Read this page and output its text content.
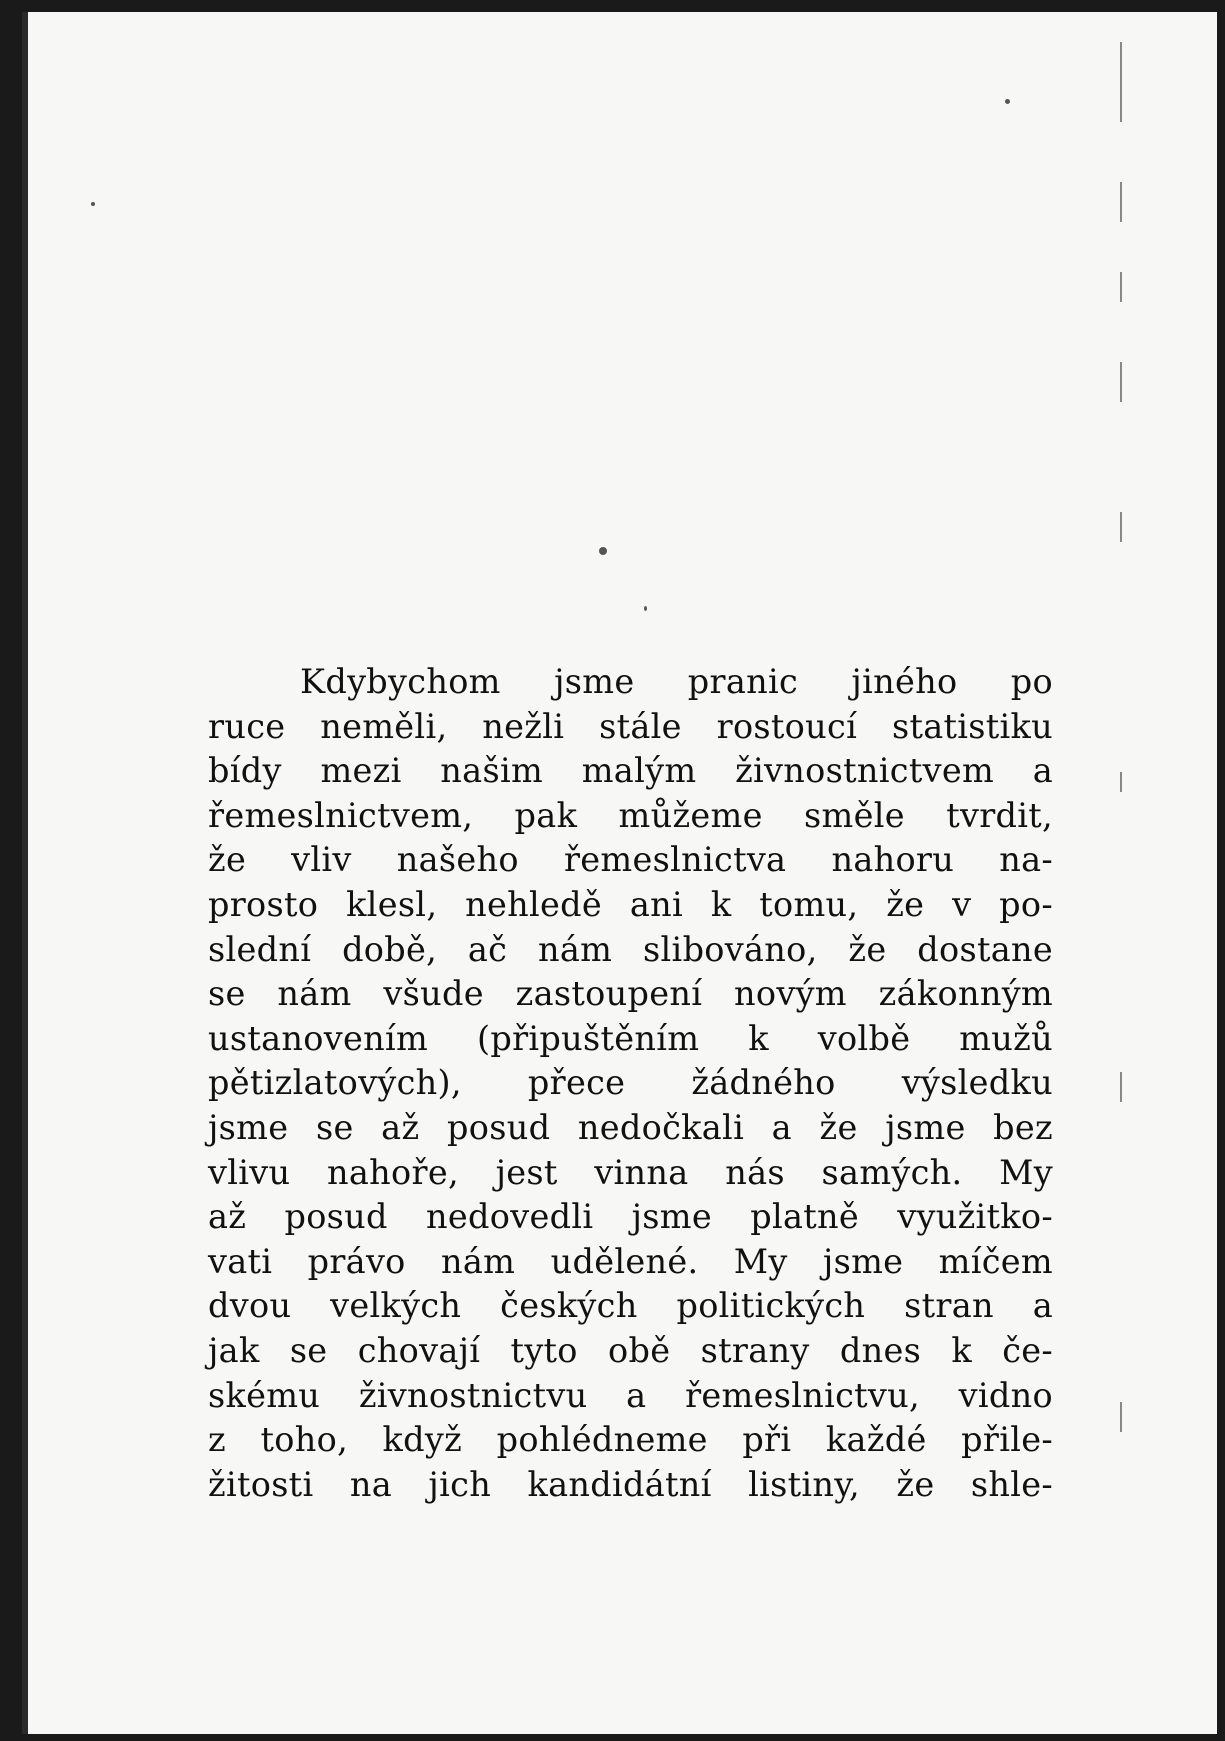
Kdybychom jsme pranic jiného po
ruce neměli, nežli stále rostoucí statistiku
bídy mezi našim malým živnostnictvem a
řemeslnictvem, pak můžeme směle tvrdit,
že vliv našeho řemeslnictva nahoru na-
prosto klesl, nehledě ani k tomu, že v po-
slední době, ač nám slibováno, že dostane
se nám všude zastoupení novým zákonným
ustanovením (připuštěním k volbě mužů
pětizlatových), přece žádného výsledku
jsme se až posud nedočkali a že jsme bez
vlivu nahoře, jest vinna nás samých. My
až posud nedovedli jsme platně využitko-
vati právo nám udělené. My jsme míčem
dvou velkých českých politických stran a
jak se chovají tyto obě strany dnes k če-
skému živnostnictvu a řemeslnictvu, vidno
z toho, když pohlédneme při každé přile-
žitosti na jich kandidátní listiny, že shle-
